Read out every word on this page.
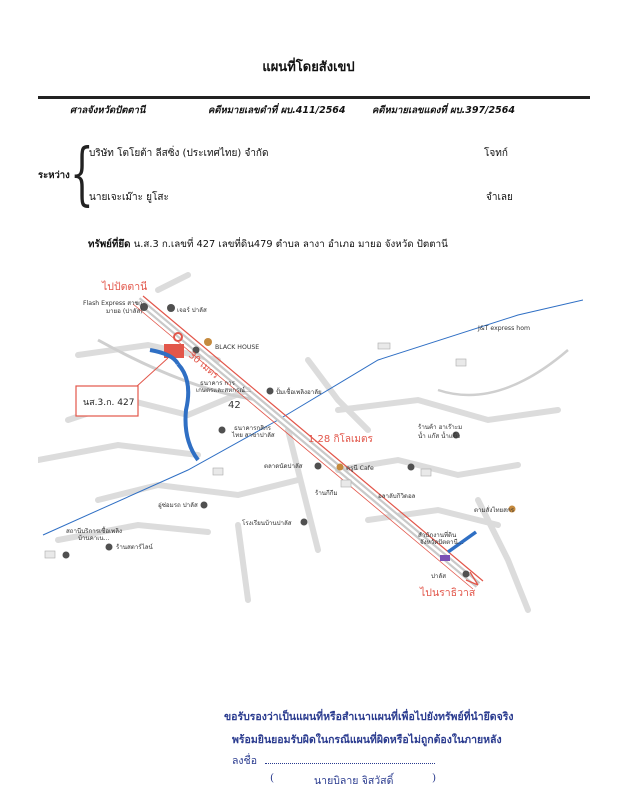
แผนที่โดยสังเขป
ศาลจังหวัดปัตตานี	คดีหมายเลขดำที่ ผบ.411/2564	คดีหมายเลขแดงที่ ผบ.397/2564
ระหว่าง {
บริษัท โตโยต้า ลีสซิ่ง (ประเทศไทย) จำกัด	โจทก์
นายเจะเม๊าะ ยูโสะ	จำเลย
ทรัพย์ที่ยึด น.ส.3 ก.เลขที่ 427 เลขที่ดิน479 ตำบล ลางา อำเภอ มายอ จังหวัด ปัตตานี
Flash Express สาขา
มายอ (ปาลัส)	เจอร์ ปาลัส
BLACK HOUSE
J&T express hom
ธนาคาร การ
เกษตรและสหกรณ์...	ปั้มเชื้อเพลิงอาลัย
ธนาคารกสิกร
ไทย สาขาปาลัส
ตลาดนัดปาลัส	ครูนี Cafe
ร้านค้า ฮาเร๊าะม
น้ำ แก๊ส น้ำแข็ง
ร้านกีกีม	อลาลับกิวิดอล
ตามสั่งไทยสกร
สำนักงานที่ดิน
จังหวัดปัตตานี...
อู่ซ่อมรถ ปาลัส
โรงเรียนบ้านปาลัส
สถานีบริการเชื้อเพลิง
บ้านคาเน...
ร้านสตาร์ไลน์
ปาลัส
42
ไปปัตตานี
ไปนราธิวาส
1.28 กิโลเมตร
30 เมตร
นส.3.ก. 427
ขอรับรองว่าเป็นแผนที่หรือสำเนาแผนที่เพื่อไปยังทรัพย์ที่นำยึดจริง
พร้อมยินยอมรับผิดในกรณีแผนที่ผิดหรือไม่ถูกต้องในภายหลัง
ลงชื่อ
(	นายบิลาย จิสวัสดิ์	)
